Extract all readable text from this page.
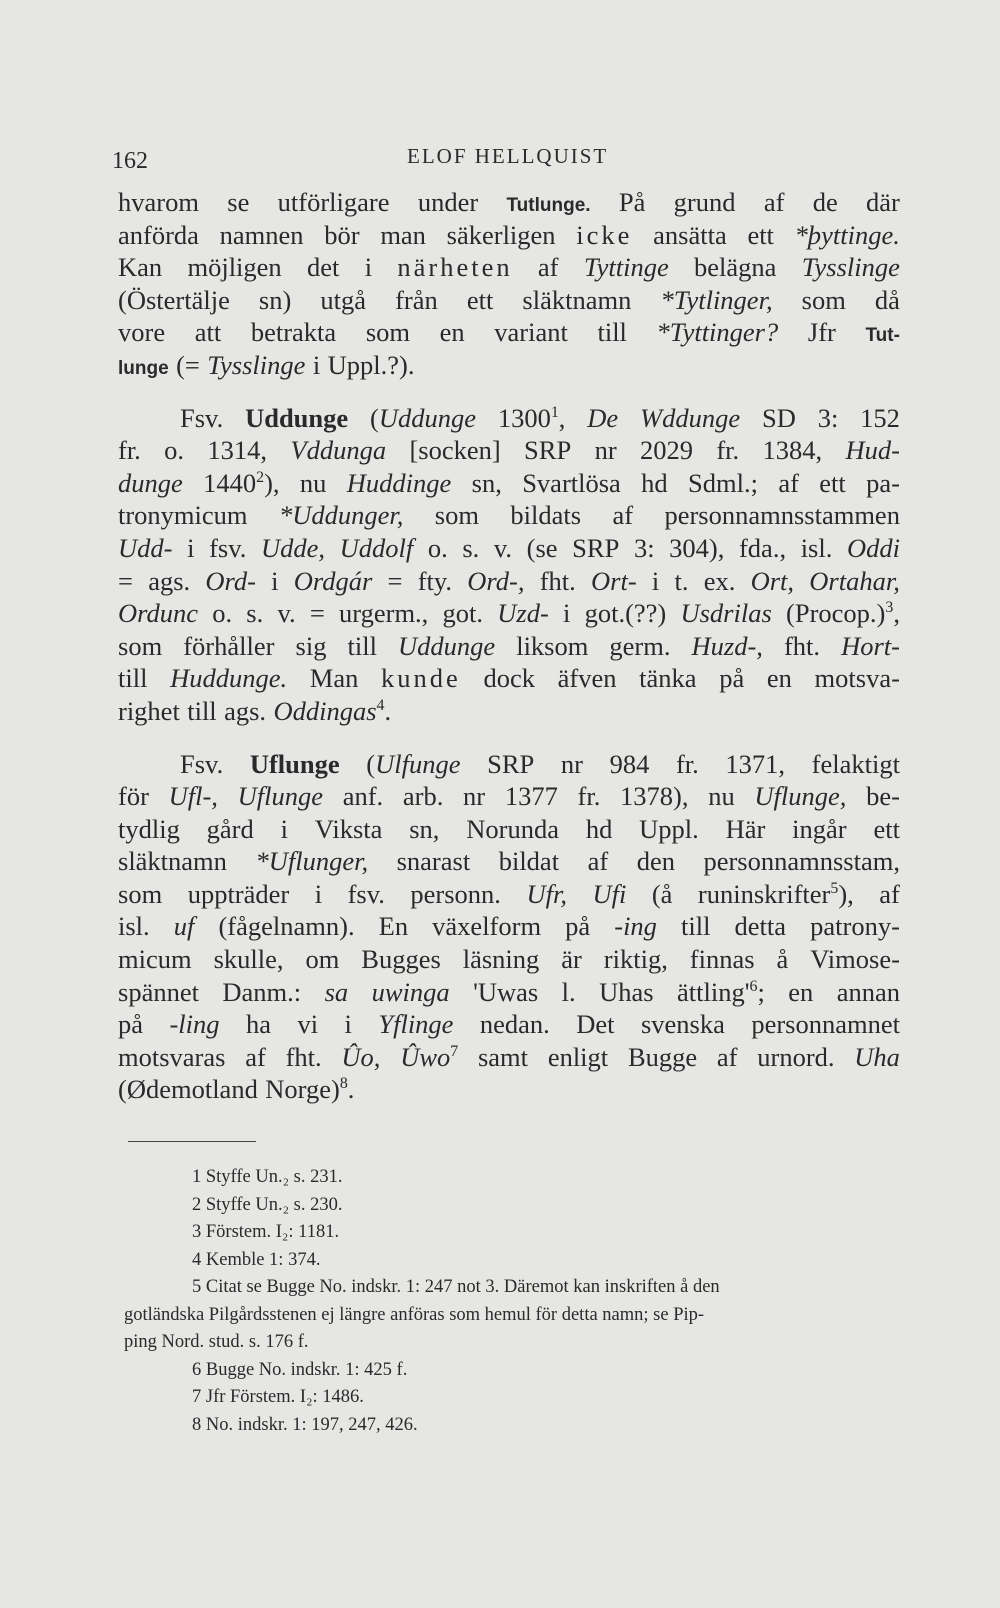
162	ELOF HELLQUIST
hvarom se utförligare under Tutlunge. På grund af de där
anförda namnen bör man säkerligen icke ansätta ett *þyttinge.
Kan möjligen det i närheten af Tyttinge belägna Tysslinge
(Östertälje sn) utgå från ett släktnamn *Tytlinger, som då
vore att betrakta som en variant till *Tyttinger? Jfr Tut-
lunge (= Tysslinge i Uppl.?).
Fsv. Uddunge (Uddunge 1300$^1$, De Wddunge SD 3: 152
fr. o. 1314, Vddunga [socken] SRP nr 2029 fr. 1384, Hud-
dunge 1440$^2$), nu Huddinge sn, Svartlösa hd Sdml.; af ett pa-
tronymicum *Uddunger, som bildats af personnamnsstammen
Udd- i fsv. Udde, Uddolf o. s. v. (se SRP 3: 304), fda., isl. Oddi
= ags. Ord- i Ordgár = fty. Ord-, fht. Ort- i t. ex. Ort, Ortahar,
Ordunc o. s. v. = urgerm., got. Uzd- i got.(??) Usdrilas (Procop.)$^3$,
som förhåller sig till Uddunge liksom germ. Huzd-, fht. Hort-
till Huddunge. Man kunde dock äfven tänka på en motsva-
righet till ags. Oddingas$^4$.
Fsv. Uflunge (Ulfunge SRP nr 984 fr. 1371, felaktigt
för Ufl-, Uflunge anf. arb. nr 1377 fr. 1378), nu Uflunge, be-
tydlig gård i Viksta sn, Norunda hd Uppl. Här ingår ett
släktnamn *Uflunger, snarast bildat af den personnamnsstam,
som uppträder i fsv. personn. Ufr, Ufi (å runinskrifter$^5$), af
isl. uf (fågelnamn). En växelform på -ing till detta patrony-
micum skulle, om Bugges läsning är riktig, finnas å Vimose-
spännet Danm.: sa uwinga 'Uwas l. Uhas $ättling'^6$; en annan
på -ling ha vi i Yflinge nedan. Det svenska personnamnet
motsvaras af fht. Ûo, Ûwo$^7$ samt enligt Bugge af urnord. Uha
(Ødemotland Norge)$^8$.
1 Styffe Un.₂ s. 231.
2 Styffe Un.₂ s. 230.
3 Förstem. I₂: 1181.
4 Kemble 1: 374.
5 Citat se Bugge No. indskr. 1: 247 not 3. Däremot kan inskriften å den
gotländska Pilgårdsstenen ej längre anföras som hemul för detta namn; se Pip-
ping Nord. stud. s. 176 f.
6 Bugge No. indskr. 1: 425 f.
7 Jfr Förstem. I₂: 1486.
8 No. indskr. 1: 197, 247, 426.
